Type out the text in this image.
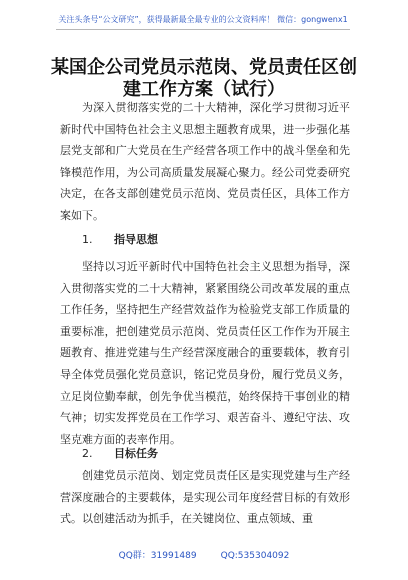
关注头条号“公文研究”，获得最新最全最专业的公文资料库！ 微信：gongwenx1
某国企公司党员示范岗、党员责任区创建工作方案（试行）

为深入贯彻落实党的二十大精神，深化学习贯彻习近平新时代中国特色社会主义思想主题教育成果，进一步强化基层党支部和广大党员在生产经营各项工作中的战斗堡垒和先锋模范作用，为公司高质量发展凝心聚力。经公司党委研究决定，在各支部创建党员示范岗、党员责任区，具体工作方案如下。

1. 指导思想

坚持以习近平新时代中国特色社会主义思想为指导，深入贯彻落实党的二十大精神，紧紧围绕公司改革发展的重点工作任务，坚持把生产经营效益作为检验党支部工作质量的重要标准，把创建党员示范岗、党员责任区工作作为开展主题教育、推进党建与生产经营深度融合的重要载体，教育引导全体党员强化党员意识，铭记党员身份，履行党员义务，立足岗位勤奉献，创先争优当模范，始终保持干事创业的精气神；切实发挥党员在工作学习、艰苦奋斗、遵纪守法、攻坚克难方面的表率作用。

2. 目标任务

创建党员示范岗、划定党员责任区是实现党建与生产经营深度融合的主要载体，是实现公司年度经营目标的有效形式。以创建活动为抓手，在关键岗位、重点领域、重

QQ群：31991489	QQ:535304092
